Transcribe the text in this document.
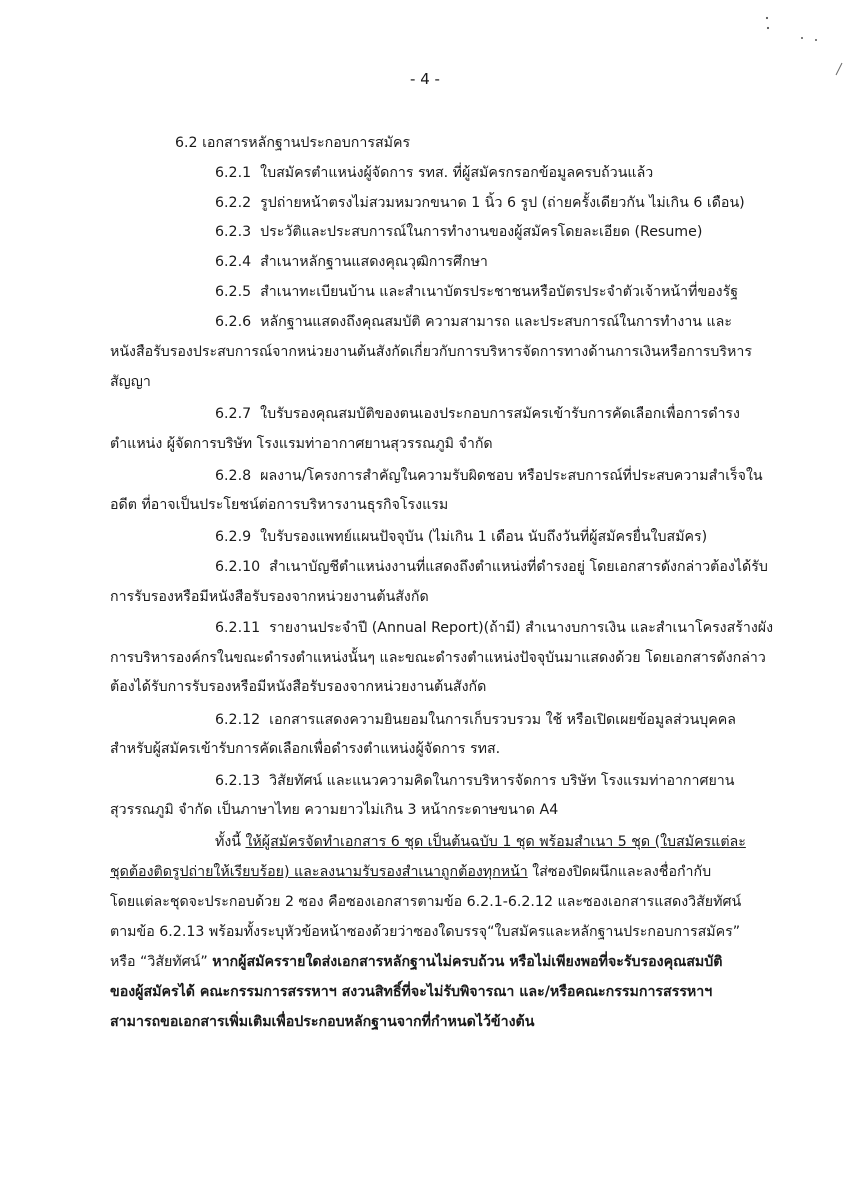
- 4 -
6.2 เอกสารหลักฐานประกอบการสมัคร
6.2.1 ใบสมัครตำแหน่งผู้จัดการ รทส. ที่ผู้สมัครกรอกข้อมูลครบถ้วนแล้ว
6.2.2 รูปถ่ายหน้าตรงไม่สวมหมวกขนาด 1 นิ้ว 6 รูป (ถ่ายครั้งเดียวกัน ไม่เกิน 6 เดือน)
6.2.3 ประวัติและประสบการณ์ในการทำงานของผู้สมัครโดยละเอียด (Resume)
6.2.4 สำเนาหลักฐานแสดงคุณวุฒิการศึกษา
6.2.5 สำเนาทะเบียนบ้าน และสำเนาบัตรประชาชนหรือบัตรประจำตัวเจ้าหน้าที่ของรัฐ
6.2.6 หลักฐานแสดงถึงคุณสมบัติ ความสามารถ และประสบการณ์ในการทำงาน และ
หนังสือรับรองประสบการณ์จากหน่วยงานต้นสังกัดเกี่ยวกับการบริหารจัดการทางด้านการเงินหรือการบริหาร
สัญญา
6.2.7 ใบรับรองคุณสมบัติของตนเองประกอบการสมัครเข้ารับการคัดเลือกเพื่อการดำรง
ตำแหน่ง ผู้จัดการบริษัท โรงแรมท่าอากาศยานสุวรรณภูมิ จำกัด
6.2.8 ผลงาน/โครงการสำคัญในความรับผิดชอบ หรือประสบการณ์ที่ประสบความสำเร็จใน
อดีต ที่อาจเป็นประโยชน์ต่อการบริหารงานธุรกิจโรงแรม
6.2.9 ใบรับรองแพทย์แผนปัจจุบัน (ไม่เกิน 1 เดือน นับถึงวันที่ผู้สมัครยื่นใบสมัคร)
6.2.10 สำเนาบัญชีตำแหน่งงานที่แสดงถึงตำแหน่งที่ดำรงอยู่ โดยเอกสารดังกล่าวต้องได้รับ
การรับรองหรือมีหนังสือรับรองจากหน่วยงานต้นสังกัด
6.2.11 รายงานประจำปี (Annual Report)(ถ้ามี) สำเนางบการเงิน และสำเนาโครงสร้างผัง
การบริหารองค์กรในขณะดำรงตำแหน่งนั้นๆ และขณะดำรงตำแหน่งปัจจุบันมาแสดงด้วย โดยเอกสารดังกล่าว
ต้องได้รับการรับรองหรือมีหนังสือรับรองจากหน่วยงานต้นสังกัด
6.2.12 เอกสารแสดงความยินยอมในการเก็บรวบรวม ใช้ หรือเปิดเผยข้อมูลส่วนบุคคล
สำหรับผู้สมัครเข้ารับการคัดเลือกเพื่อดำรงตำแหน่งผู้จัดการ รทส.
6.2.13 วิสัยทัศน์ และแนวความคิดในการบริหารจัดการ บริษัท โรงแรมท่าอากาศยาน
สุวรรณภูมิ จำกัด เป็นภาษาไทย ความยาวไม่เกิน 3 หน้ากระดาษขนาด A4
ทั้งนี้ ให้ผู้สมัครจัดทำเอกสาร 6 ชุด เป็นต้นฉบับ 1 ชุด พร้อมสำเนา 5 ชุด (ใบสมัครแต่ละ
ชุดต้องติดรูปถ่ายให้เรียบร้อย) และลงนามรับรองสำเนาถูกต้องทุกหน้า ใส่ซองปิดผนึกและลงชื่อกำกับ
โดยแต่ละชุดจะประกอบด้วย 2 ซอง คือซองเอกสารตามข้อ 6.2.1-6.2.12 และซองเอกสารแสดงวิสัยทัศน์
ตามข้อ 6.2.13 พร้อมทั้งระบุหัวข้อหน้าซองด้วยว่าซองใดบรรจุ“ใบสมัครและหลักฐานประกอบการสมัคร”
หรือ “วิสัยทัศน์” หากผู้สมัครรายใดส่งเอกสารหลักฐานไม่ครบถ้วน หรือไม่เพียงพอที่จะรับรองคุณสมบัติ
ของผู้สมัครได้ คณะกรรมการสรรหาฯ สงวนสิทธิ์ที่จะไม่รับพิจารณา และ/หรือคณะกรรมการสรรหาฯ
สามารถขอเอกสารเพิ่มเติมเพื่อประกอบหลักฐานจากที่กำหนดไว้ข้างต้น
